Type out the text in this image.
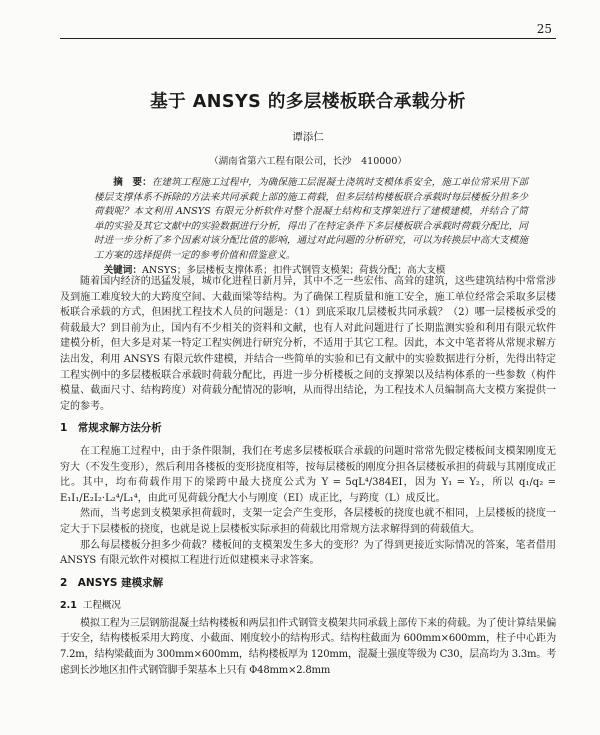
25
基于 ANSYS 的多层楼板联合承载分析
谭添仁
（湖南省第六工程有限公司，长沙　410000）
摘　要：在建筑工程施工过程中，为确保施工层混凝土浇筑时支模体系安全，施工单位常采用下部楼层支撑体系不拆除的方法来共同承载上部的施工荷载，但多层结构楼板联合承载时每层楼板分担多少荷载呢？本文利用 ANSYS 有限元分析软件对整个混凝土结构和支撑架进行了建模建模，并结合了简单的实验及其它文献中的实验数据进行分析，得出了在特定条件下多层楼板联合承载时荷载分配比，同时进一步分析了多个因素对该分配比值的影响，通过对此问题的分析研究，可以为转换层中高大支模施工方案的选择提供一定的参考价值和借鉴意义。
关键词：ANSYS；多层楼板支撑体系；扣件式钢管支模架；荷载分配；高大支模

随着国内经济的迅猛发展，城市化进程日新月异，其中不乏一些宏伟、高耸的建筑，这些建筑结构中常常涉及到施工难度较大的大跨度空间、大截面梁等结构。为了确保工程质量和施工安全，施工单位经常会采取多层楼板联合承载的方式，但困扰工程技术人员的问题是：（1）到底采取几层楼板共同承载？（2）哪一层楼板承受的荷载最大？到目前为止，国内有不少相关的资料和文献，也有人对此问题进行了长期监测实验和利用有限元软件建模分析，但大多是对某一特定工程实例进行研究分析，不适用于其它工程。因此，本文中笔者将从常规求解方法出发，利用 ANSYS 有限元软件建模，并结合一些简单的实验和已有文献中的实验数据进行分析，先得出特定工程实例中的多层楼板联合承载时荷载分配比，再进一步分析楼板之间的支撑架以及结构体系的一些参数（构件模量、截面尺寸、结构跨度）对荷载分配情况的影响，从而得出结论，为工程技术人员编制高大支模方案提供一定的参考。

1　常规求解方法分析

在工程施工过程中，由于条件限制，我们在考虑多层楼板联合承载的问题时常常先假定楼板间支模架刚度无穷大（不发生变形），然后利用各楼板的变形挠度相等，按每层楼板的刚度分担各层楼板承担的荷载与其刚度成正比。其中，均布荷载作用下的梁跨中最大挠度公式为 Y = 5qL⁴/384EI，因为 Y₁ = Y₂，所以 q₁/q₂ = E₁I₁/E₂I₂·L₂⁴/L₁⁴，由此可见荷载分配大小与刚度（EI）成正比，与跨度（L）成反比。

然而，当考虑到支模架承担荷载时，支架一定会产生变形，各层楼板的挠度也就不相同，上层楼板的挠度一定大于下层楼板的挠度，也就是说上层楼板实际承担的荷载比用常规方法求解得到的荷载值大。

那么每层楼板分担多少荷载？楼板间的支模架发生多大的变形？为了得到更接近实际情况的答案，笔者借用 ANSYS 有限元软件对模拟工程进行近似建模来寻求答案。

2　ANSYS 建模求解
2.1 工程概况

模拟工程为三层钢筋混凝土结构楼板和两层扣件式钢管支模架共同承载上部传下来的荷载。为了使计算结果偏于安全，结构楼板采用大跨度、小截面、刚度较小的结构形式。结构柱截面为 600mm×600mm，柱子中心距为 7.2m，结构梁截面为 300mm×600mm，结构楼板厚为 120mm，混凝土强度等级为 C30，层高均为 3.3m。考虑到长沙地区扣件式钢管脚手架基本上只有 Φ48mm×2.8mm
